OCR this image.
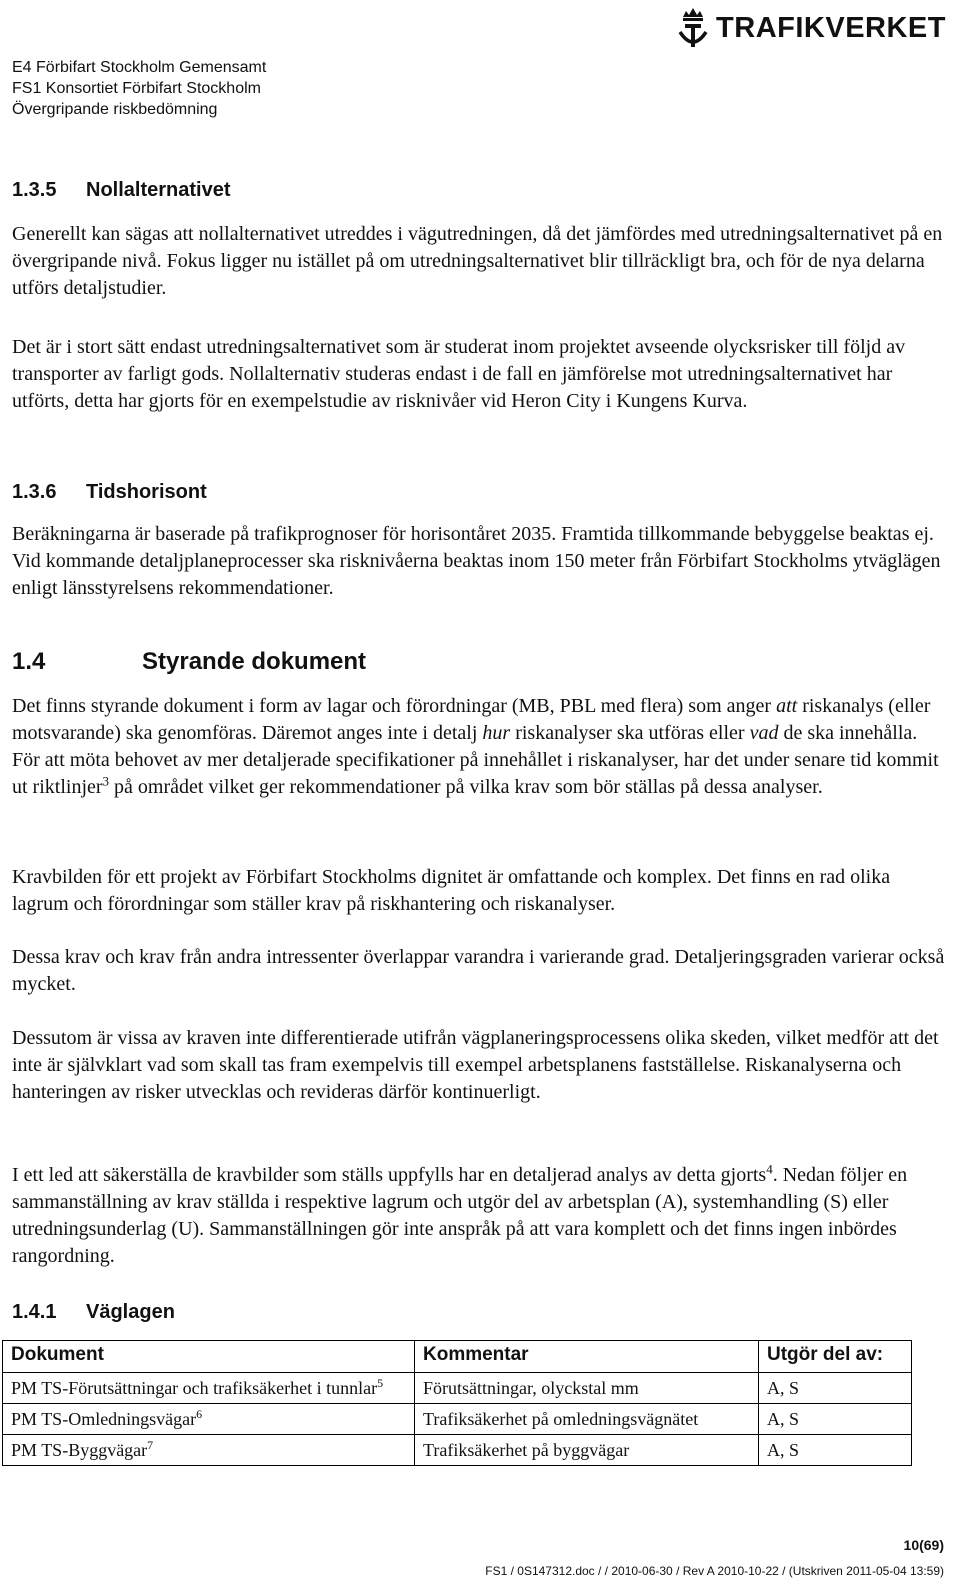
E4 Förbifart Stockholm Gemensamt
FS1 Konsortiet Förbifart Stockholm
Övergripande riskbedömning
TRAFIKVERKET
1.3.5 Nollalternativet
Generellt kan sägas att nollalternativet utreddes i vägutredningen, då det jämfördes med utredningsalternativet på en övergripande nivå. Fokus ligger nu istället på om utredningsalternativet blir tillräckligt bra, och för de nya delarna utförs detaljstudier.
Det är i stort sätt endast utredningsalternativet som är studerat inom projektet avseende olycksrisker till följd av transporter av farligt gods. Nollalternativ studeras endast i de fall en jämförelse mot utredningsalternativet har utförts, detta har gjorts för en exempelstudie av risknivåer vid Heron City i Kungens Kurva.
1.3.6 Tidshorisont
Beräkningarna är baserade på trafikprognoser för horisontåret 2035. Framtida tillkommande bebyggelse beaktas ej. Vid kommande detaljplaneprocesser ska risknivåerna beaktas inom 150 meter från Förbifart Stockholms ytväglägen enligt länsstyrelsens rekommendationer.
1.4	Styrande dokument
Det finns styrande dokument i form av lagar och förordningar (MB, PBL med flera) som anger att riskanalys (eller motsvarande) ska genomföras. Däremot anges inte i detalj hur riskanalyser ska utföras eller vad de ska innehålla. För att möta behovet av mer detaljerade specifikationer på innehållet i riskanalyser, har det under senare tid kommit ut riktlinjer$^3$ på området vilket ger rekommendationer på vilka krav som bör ställas på dessa analyser.
Kravbilden för ett projekt av Förbifart Stockholms dignitet är omfattande och komplex. Det finns en rad olika lagrum och förordningar som ställer krav på riskhantering och riskanalyser.
Dessa krav och krav från andra intressenter överlappar varandra i varierande grad. Detaljeringsgraden varierar också mycket.
Dessutom är vissa av kraven inte differentierade utifrån vägplaneringsprocessens olika skeden, vilket medför att det inte är självklart vad som skall tas fram exempelvis till exempel arbetsplanens fastställelse. Riskanalyserna och hanteringen av risker utvecklas och revideras därför kontinuerligt.
I ett led att säkerställa de kravbilder som ställs uppfylls har en detaljerad analys av detta gjorts$^4$. Nedan följer en sammanställning av krav ställda i respektive lagrum och utgör del av arbetsplan (A), systemhandling (S) eller utredningsunderlag (U). Sammanställningen gör inte anspråk på att vara komplett och det finns ingen inbördes rangordning.
1.4.1 Väglagen
Dokument	Kommentar	Utgör del av:
PM TS-Förutsättningar och trafiksäkerhet i tunnlar$^5$	Förutsättningar, olyckstal mm	A, S
PM TS-Omledningsvägar$^6$	Trafiksäkerhet på omledningsvägnätet	A, S
PM TS-Byggvägar$^7$	Trafiksäkerhet på byggvägar	A, S
10(69)
FS1 / 0S147312.doc / / 2010-06-30 / Rev A 2010-10-22 / (Utskriven 2011-05-04 13:59)
